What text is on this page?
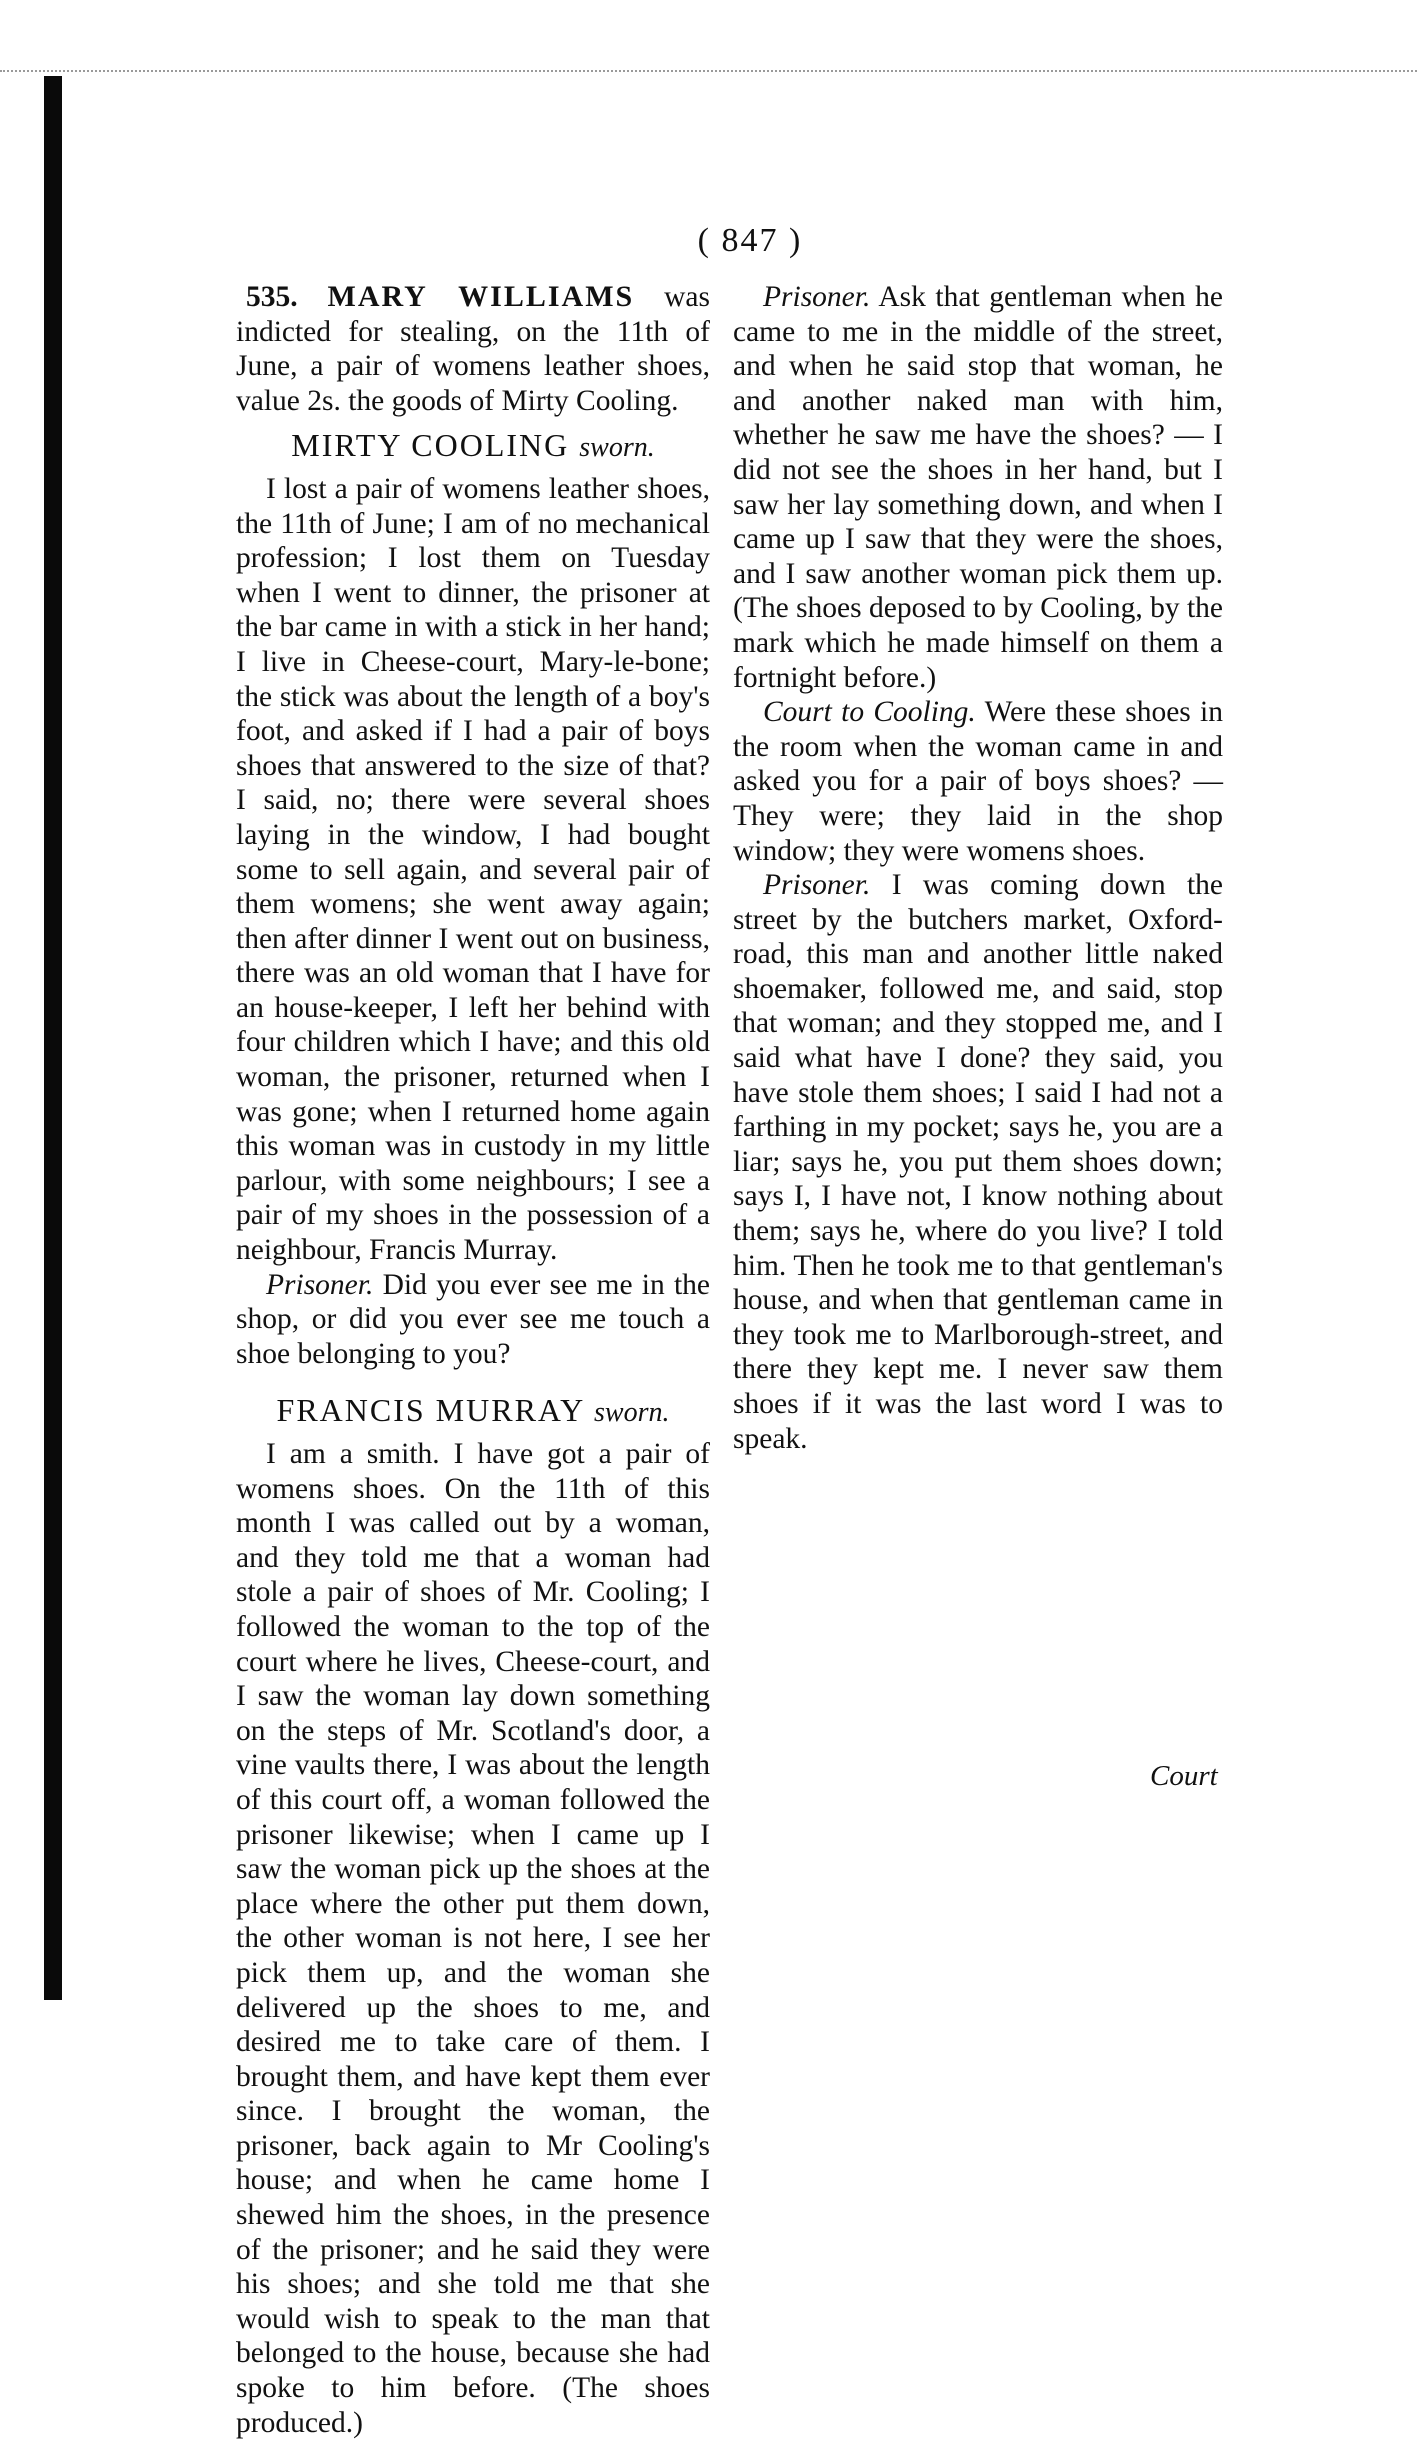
( 847 )

535. MARY WILLIAMS was indicted for stealing, on the 11th of June, a pair of womens leather shoes, value 2s. the goods of Mirty Cooling.

MIRTY COOLING sworn.

I lost a pair of womens leather shoes, the 11th of June; I am of no mechanical profession; I lost them on Tuesday when I went to dinner, the prisoner at the bar came in with a stick in her hand; I live in Cheese-court, Mary-le-bone; the stick was about the length of a boy's foot, and asked if I had a pair of boys shoes that answered to the size of that? I said, no; there were several shoes laying in the window, I had bought some to sell again, and several pair of them womens; she went away again; then after dinner I went out on business, there was an old woman that I have for an house-keeper, I left her behind with four children which I have; and this old woman, the prisoner, returned when I was gone; when I returned home again this woman was in custody in my little parlour, with some neighbours; I see a pair of my shoes in the possession of a neighbour, Francis Murray.

Prisoner. Did you ever see me in the shop, or did you ever see me touch a shoe belonging to you?

FRANCIS MURRAY sworn.

I am a smith. I have got a pair of womens shoes. On the 11th of this month I was called out by a woman, and they told me that a woman had stole a pair of shoes of Mr. Cooling; I followed the woman to the top of the court where he lives, Cheese-court, and I saw the woman lay down something on the steps of Mr. Scotland's door, a vine vaults there, I was about the length of this court off, a woman followed the prisoner likewise; when I came up I saw the woman pick up the shoes at the place where the other put them down, the other woman is not here, I see her pick them up, and the woman she delivered up the shoes to me, and desired me to take care of them. I brought them, and have kept them ever since. I brought the woman, the prisoner, back again to Mr Cooling's house; and when he came home I shewed him the shoes, in the presence of the prisoner; and he said they were his shoes; and she told me that she would wish to speak to the man that belonged to the house, because she had spoke to him before. (The shoes produced.)

Prisoner. Ask that gentleman when he came to me in the middle of the street, and when he said stop that woman, he and another naked man with him, whether he saw me have the shoes? — I did not see the shoes in her hand, but I saw her lay something down, and when I came up I saw that they were the shoes, and I saw another woman pick them up. (The shoes deposed to by Cooling, by the mark which he made himself on them a fortnight before.)

Court to Cooling. Were these shoes in the room when the woman came in and asked you for a pair of boys shoes? — They were; they laid in the shop window; they were womens shoes.

Prisoner. I was coming down the street by the butchers market, Oxford-road, this man and another little naked shoemaker, followed me, and said, stop that woman; and they stopped me, and I said what have I done? they said, you have stole them shoes; I said I had not a farthing in my pocket; says he, you are a liar; says he, you put them shoes down; says I, I have not, I know nothing about them; says he, where do you live? I told him. Then he took me to that gentleman's house, and when that gentleman came in they took me to Marlborough-street, and there they kept me. I never saw them shoes if it was the last word I was to speak.

Court
